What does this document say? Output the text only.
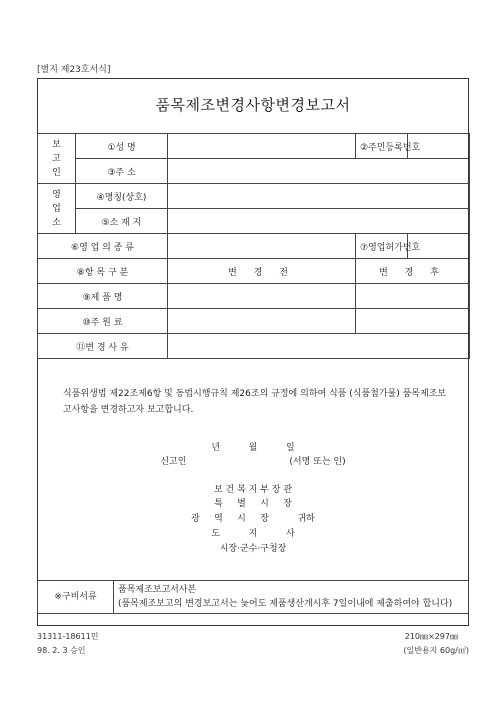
[별지 제23호서식]
품목제조변경사항변경보고서
보
고
인	①성 명		②주민등록번호	
	③주 소			
영
업
소	④명칭(상호)			
	⑤소 재 지			
⑥영 업 의 종 류			⑦영업허가번호	
⑧항 목 구 분		변 경 전	변 경 후	
⑨제 품 명				
⑩주 원 료				
⑪변 경 사 유				
식품위생법 제22조제6항 및 동법시행규칙 제26조의 규정에 의하여 식품 (식품첨가물) 품목제조보고사항을 변경하고자 보고합니다.
년          월          일
신고인                                    (서명 또는 인)
보 건 복 지 부 장 관
특     별     시     장
광     역     시     장          귀하
도          지          사
시장·군수·구청장
※구비서류	
품목제조보고서사본
(품목제조보고의 변경보고서는 늦어도 제품생산개시후 7일이내에 제출하여야 합니다)
31311-18611민
98. 2. 3 승인
210㎜×297㎜
(일반용지 60g/㎡)
